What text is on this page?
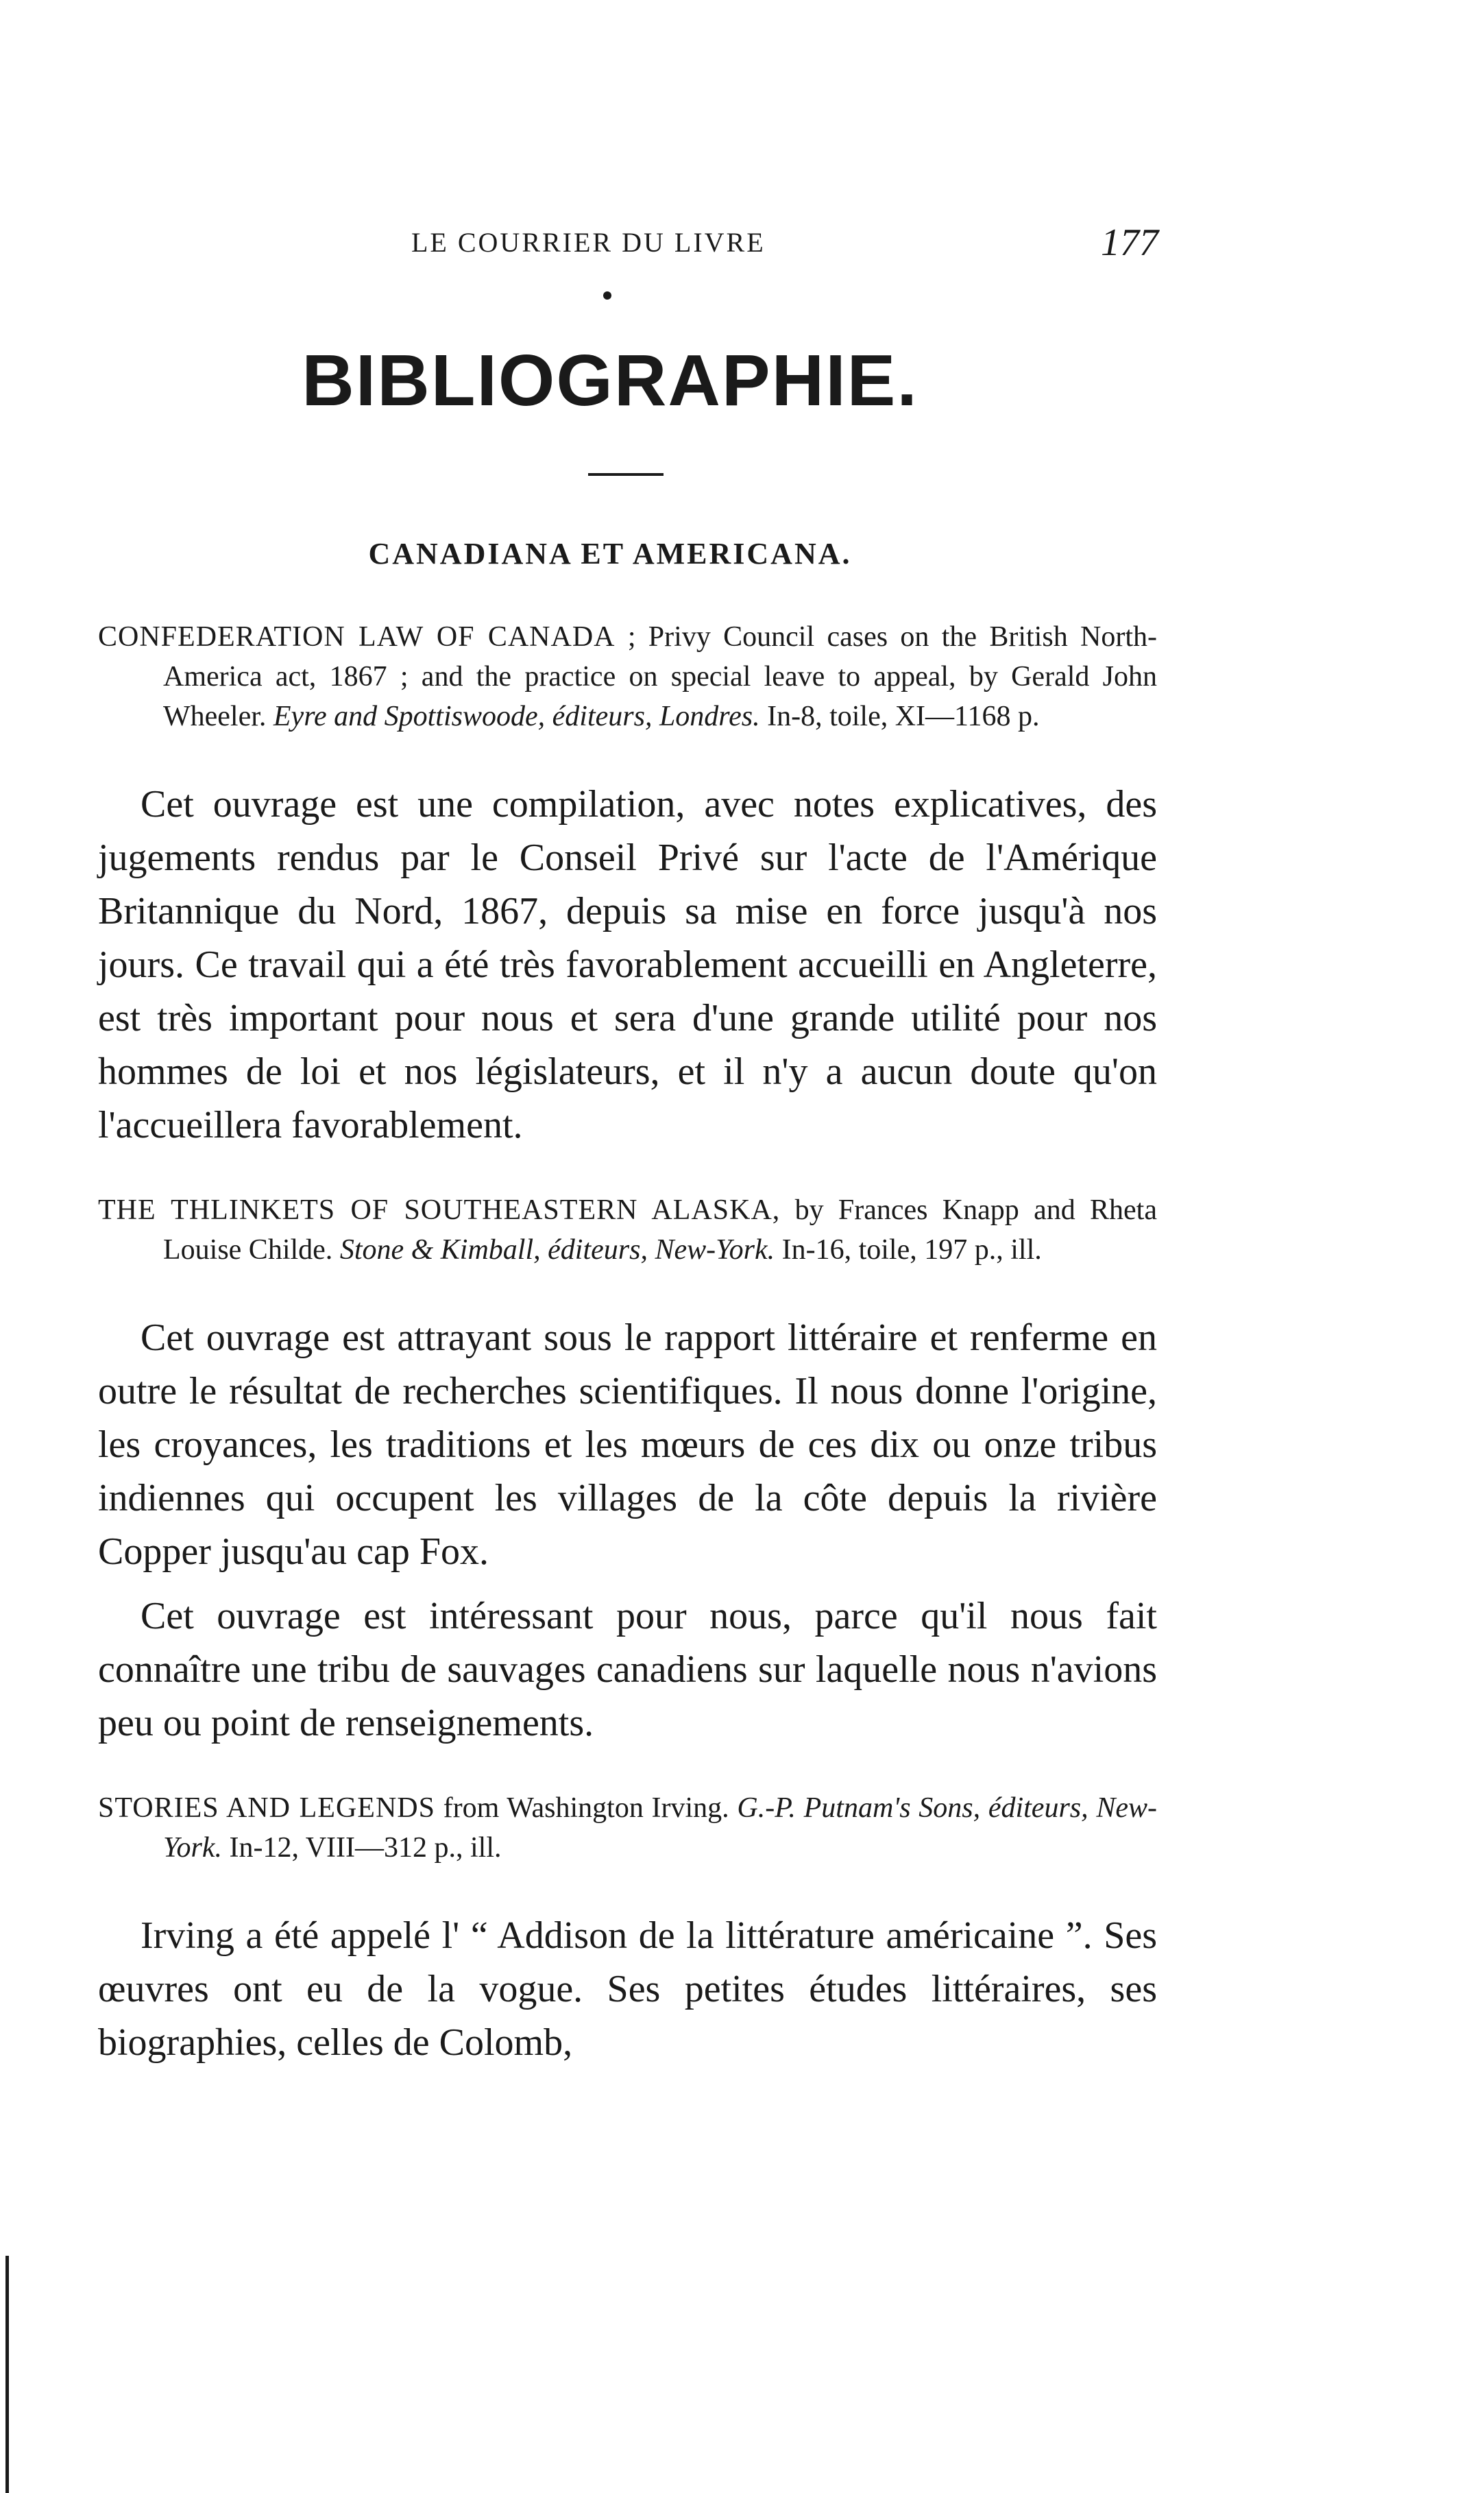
LE COURRIER DU LIVRE	177
BIBLIOGRAPHIE.
CANADIANA ET AMERICANA.
CONFEDERATION LAW OF CANADA ; Privy Council cases on the British North-America act, 1867 ; and the practice on special leave to appeal, by Gerald John Wheeler. Eyre and Spottiswoode, éditeurs, Londres. In-8, toile, XI—1168 p.

Cet ouvrage est une compilation, avec notes explicatives, des jugements rendus par le Conseil Privé sur l'acte de l'Amérique Britannique du Nord, 1867, depuis sa mise en force jusqu'à nos jours. Ce travail qui a été très favorablement accueilli en Angleterre, est très important pour nous et sera d'une grande utilité pour nos hommes de loi et nos législateurs, et il n'y a aucun doute qu'on l'accueillera favorablement.

THE THLINKETS OF SOUTHEASTERN ALASKA, by Frances Knapp and Rheta Louise Childe. Stone & Kimball, éditeurs, New-York. In-16, toile, 197 p., ill.

Cet ouvrage est attrayant sous le rapport littéraire et renferme en outre le résultat de recherches scientifiques. Il nous donne l'origine, les croyances, les traditions et les mœurs de ces dix ou onze tribus indiennes qui occupent les villages de la côte depuis la rivière Copper jusqu'au cap Fox.

Cet ouvrage est intéressant pour nous, parce qu'il nous fait connaître une tribu de sauvages canadiens sur laquelle nous n'avions peu ou point de renseignements.

STORIES AND LEGENDS from Washington Irving. G.-P. Putnam's Sons, éditeurs, New-York. In-12, VIII—312 p., ill.

Irving a été appelé l' “ Addison de la littérature américaine ”. Ses œuvres ont eu de la vogue. Ses petites études littéraires, ses biographies, celles de Colomb,
